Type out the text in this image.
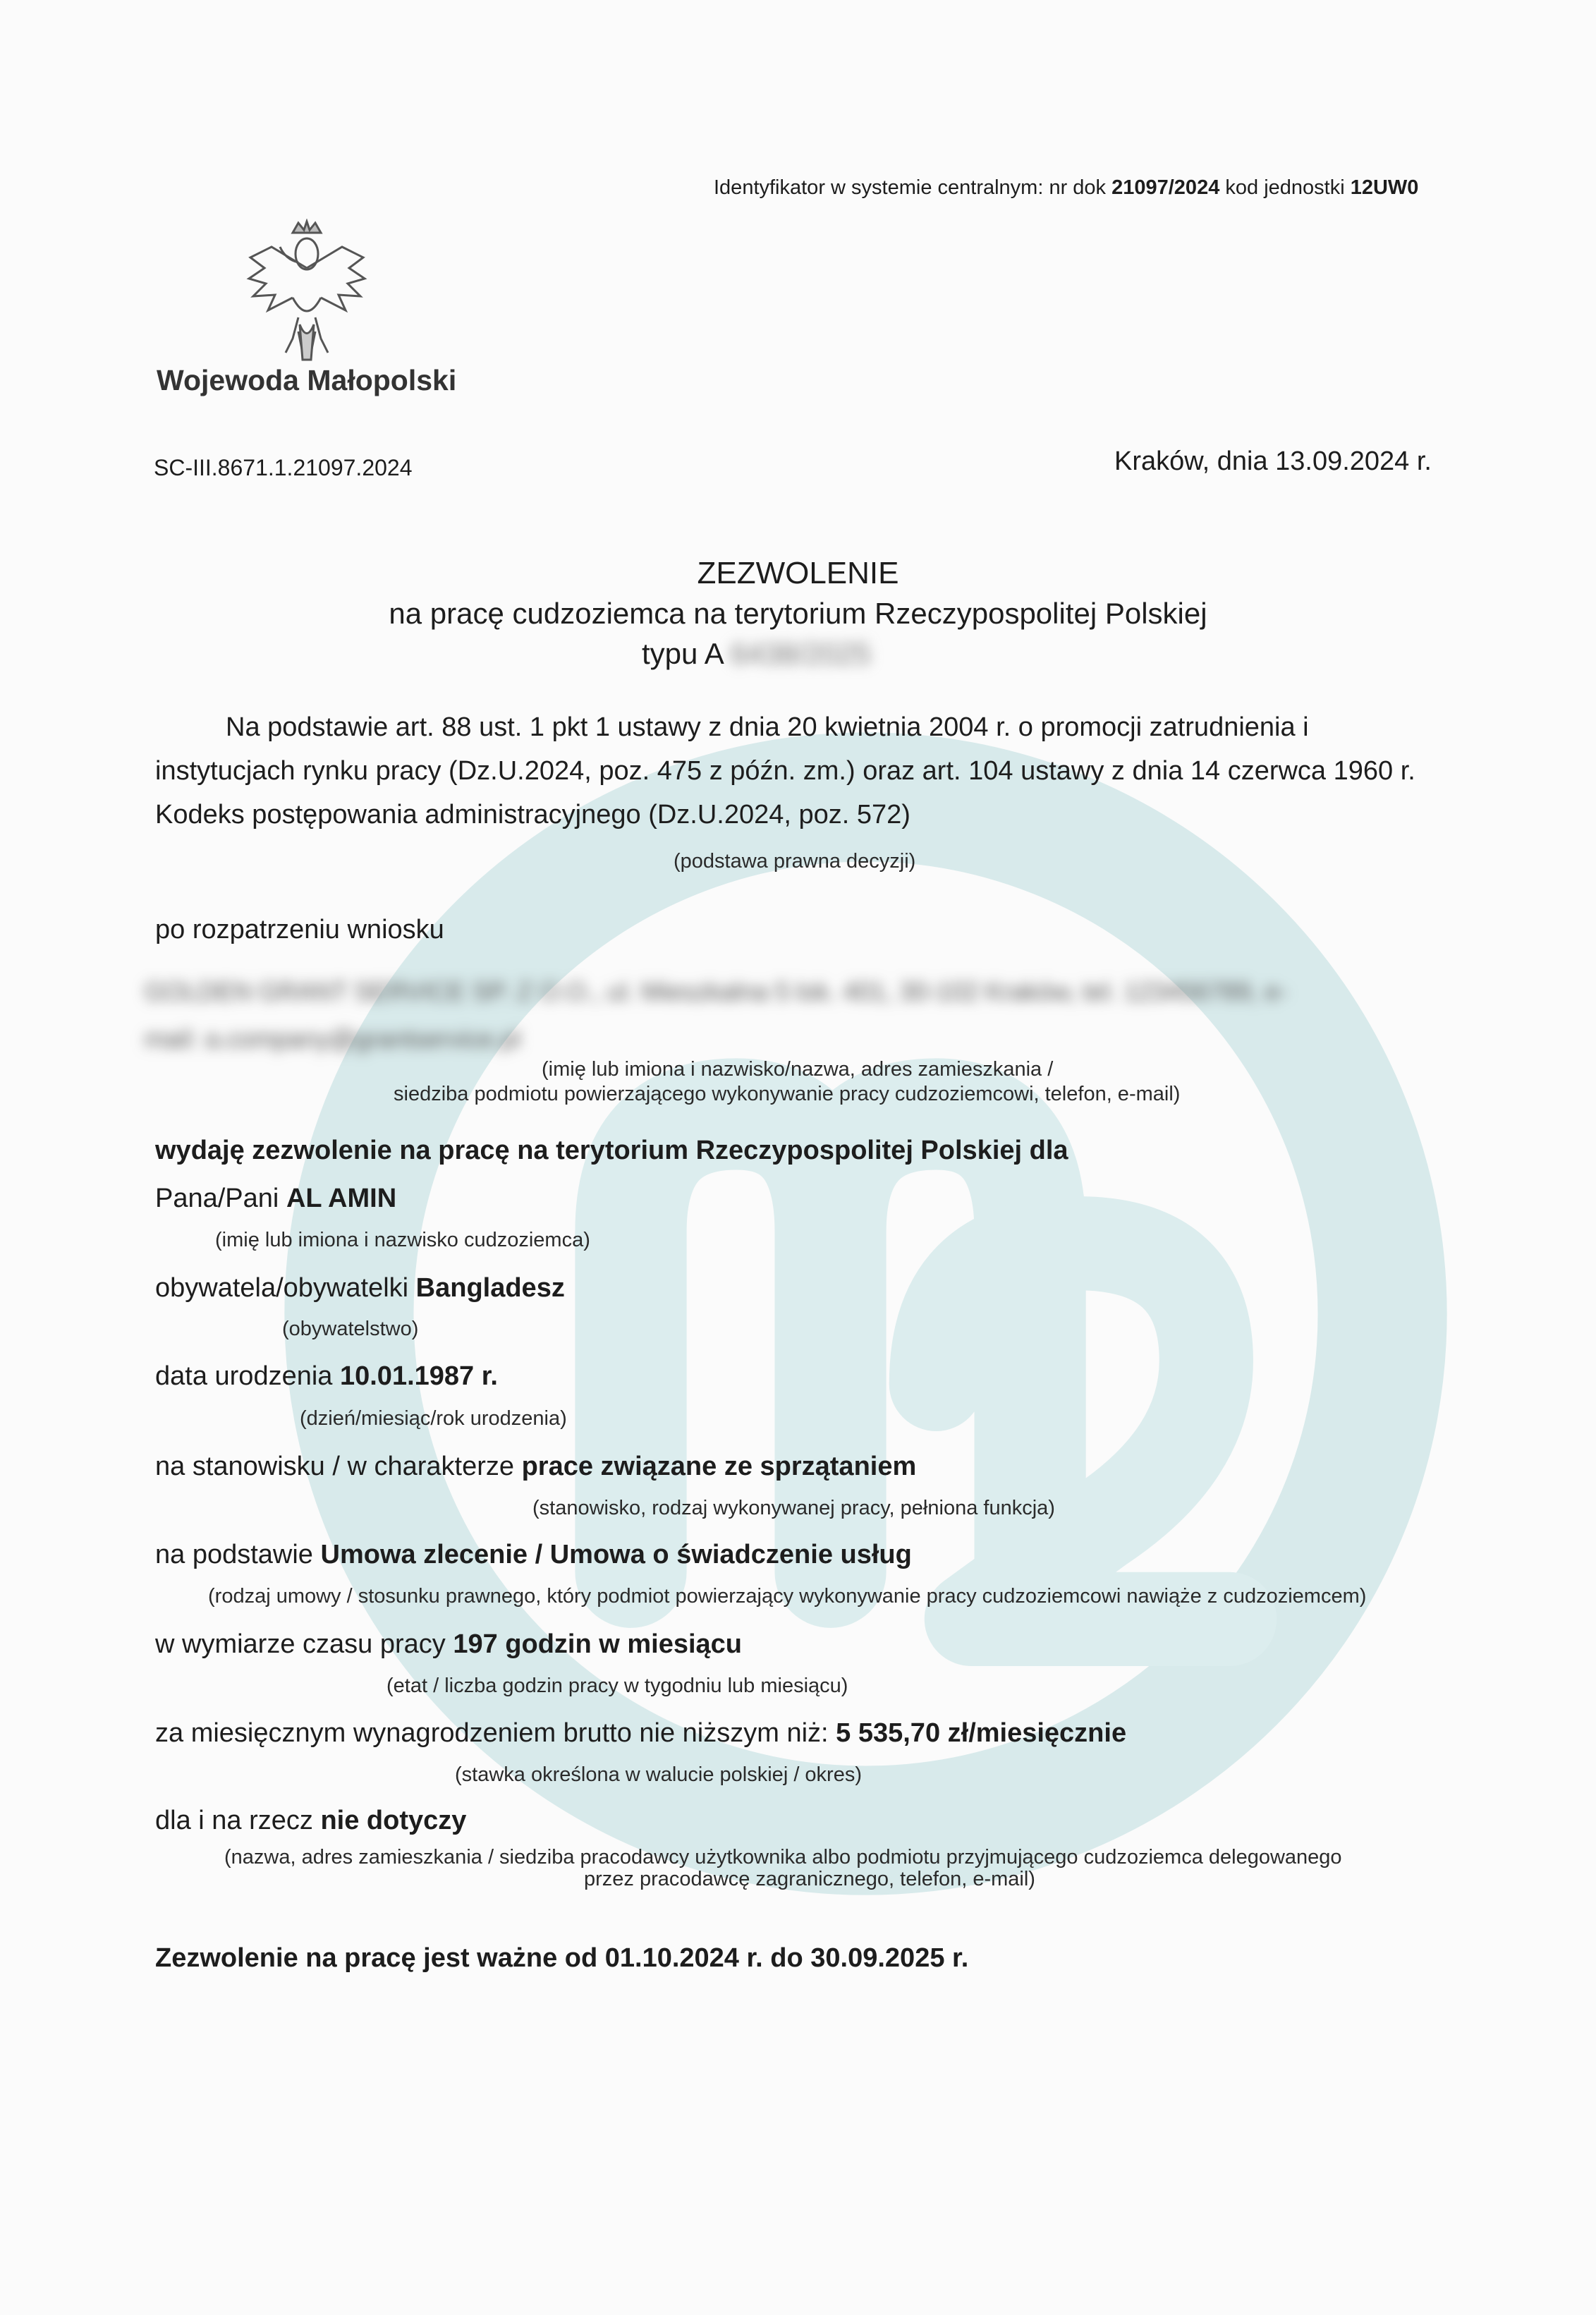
Identyfikator w systemie centralnym: nr dok 21097/2024 kod jednostki 12UW0
Wojewoda Małopolski
SC-III.8671.1.21097.2024	Kraków, dnia 13.09.2024 r.
ZEZWOLENIE
na pracę cudzoziemca na terytorium Rzeczypospolitej Polskiej
typu A 6438/2025
Na podstawie art. 88 ust. 1 pkt 1 ustawy z dnia 20 kwietnia 2004 r. o promocji zatrudnienia i
instytucjach rynku pracy (Dz.U.2024, poz. 475 z późn. zm.) oraz art. 104 ustawy z dnia 14 czerwca 1960 r.
Kodeks postępowania administracyjnego (Dz.U.2024, poz. 572)
(podstawa prawna decyzji)
po rozpatrzeniu wniosku
GOLDEN GRANT SERVICE SP. Z O.O., ul. Mieszkalna 5 lok. 401, 30-102 Kraków, tel. 123456789, e-
mail: a.company@grantservice.pl
(imię lub imiona i nazwisko/nazwa, adres zamieszkania /
siedziba podmiotu powierzającego wykonywanie pracy cudzoziemcowi, telefon, e-mail)
wydaję zezwolenie na pracę na terytorium Rzeczypospolitej Polskiej dla
Pana/Pani AL AMIN
(imię lub imiona i nazwisko cudzoziemca)
obywatela/obywatelki Bangladesz
(obywatelstwo)
data urodzenia 10.01.1987 r.
(dzień/miesiąc/rok urodzenia)
na stanowisku / w charakterze prace związane ze sprzątaniem
(stanowisko, rodzaj wykonywanej pracy, pełniona funkcja)
na podstawie Umowa zlecenie / Umowa o świadczenie usług
(rodzaj umowy / stosunku prawnego, który podmiot powierzający wykonywanie pracy cudzoziemcowi nawiąże z cudzoziemcem)
w wymiarze czasu pracy 197 godzin w miesiącu
(etat / liczba godzin pracy w tygodniu lub miesiącu)
za miesięcznym wynagrodzeniem brutto nie niższym niż: 5 535,70 zł/miesięcznie
(stawka określona w walucie polskiej / okres)
dla i na rzecz nie dotyczy
(nazwa, adres zamieszkania / siedziba pracodawcy użytkownika albo podmiotu przyjmującego cudzoziemca delegowanego
przez pracodawcę zagranicznego, telefon, e-mail)
Zezwolenie na pracę jest ważne od 01.10.2024 r. do 30.09.2025 r.
